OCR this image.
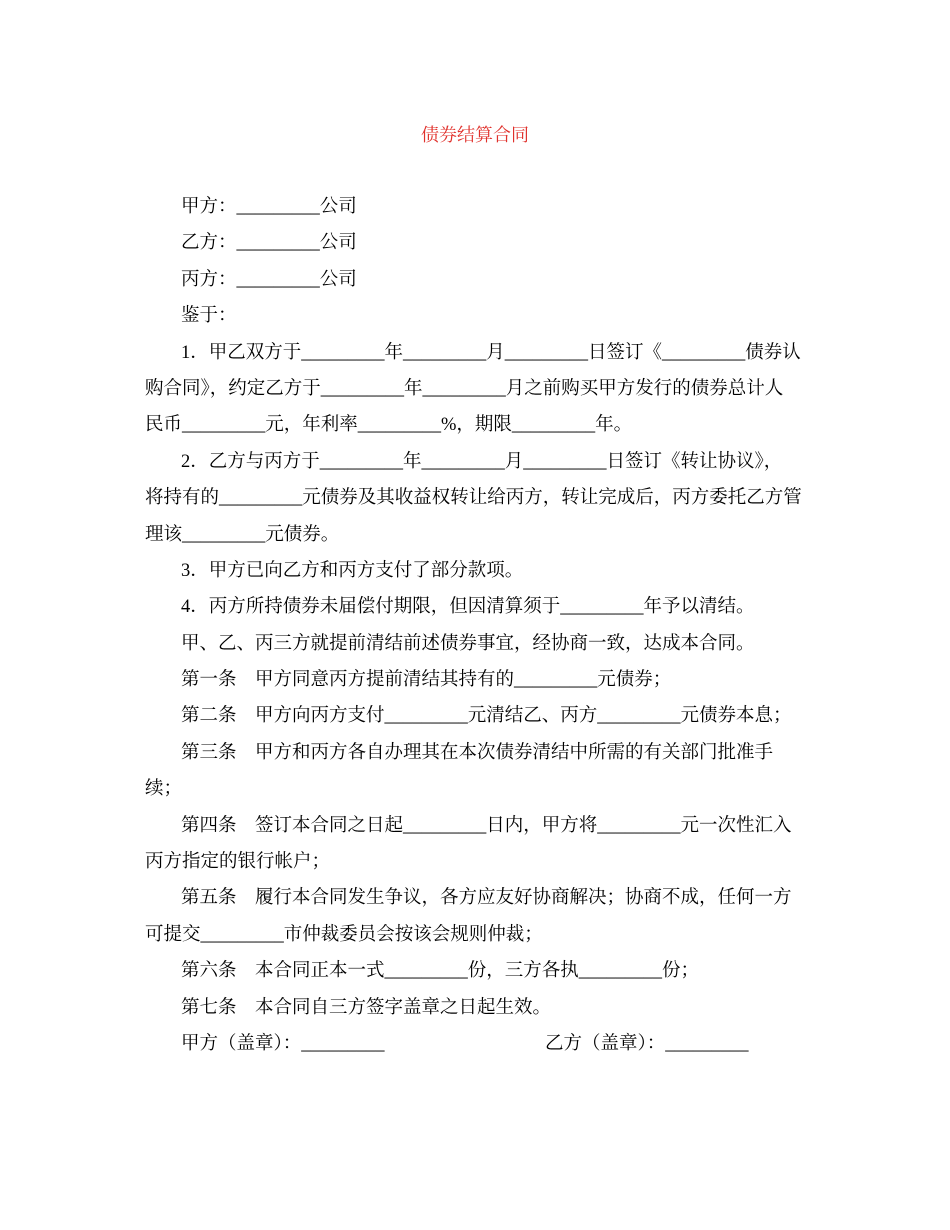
债券结算合同
甲方：_________公司
乙方：_________公司
丙方：_________公司
鉴于：
1．甲乙双方于_________年_________月_________日签订《_________债券认
购合同》，约定乙方于_________年_________月之前购买甲方发行的债券总计人
民币_________元，年利率_________%，期限_________年。
2．乙方与丙方于_________年_________月_________日签订《转让协议》，
将持有的_________元债券及其收益权转让给丙方，转让完成后，丙方委托乙方管
理该_________元债券。
3．甲方已向乙方和丙方支付了部分款项。
4．丙方所持债券未届偿付期限，但因清算须于_________年予以清结。
甲、乙、丙三方就提前清结前述债券事宜，经协商一致，达成本合同。
第一条　甲方同意丙方提前清结其持有的_________元债券；
第二条　甲方向丙方支付_________元清结乙、丙方_________元债券本息；
第三条　甲方和丙方各自办理其在本次债券清结中所需的有关部门批准手
续；
第四条　签订本合同之日起_________日内，甲方将_________元一次性汇入
丙方指定的银行帐户；
第五条　履行本合同发生争议，各方应友好协商解决；协商不成，任何一方
可提交_________市仲裁委员会按该会规则仲裁；
第六条　本合同正本一式_________份，三方各执_________份；
第七条　本合同自三方签字盖章之日起生效。
甲方（盖章）：_________	乙方（盖章）：_________
